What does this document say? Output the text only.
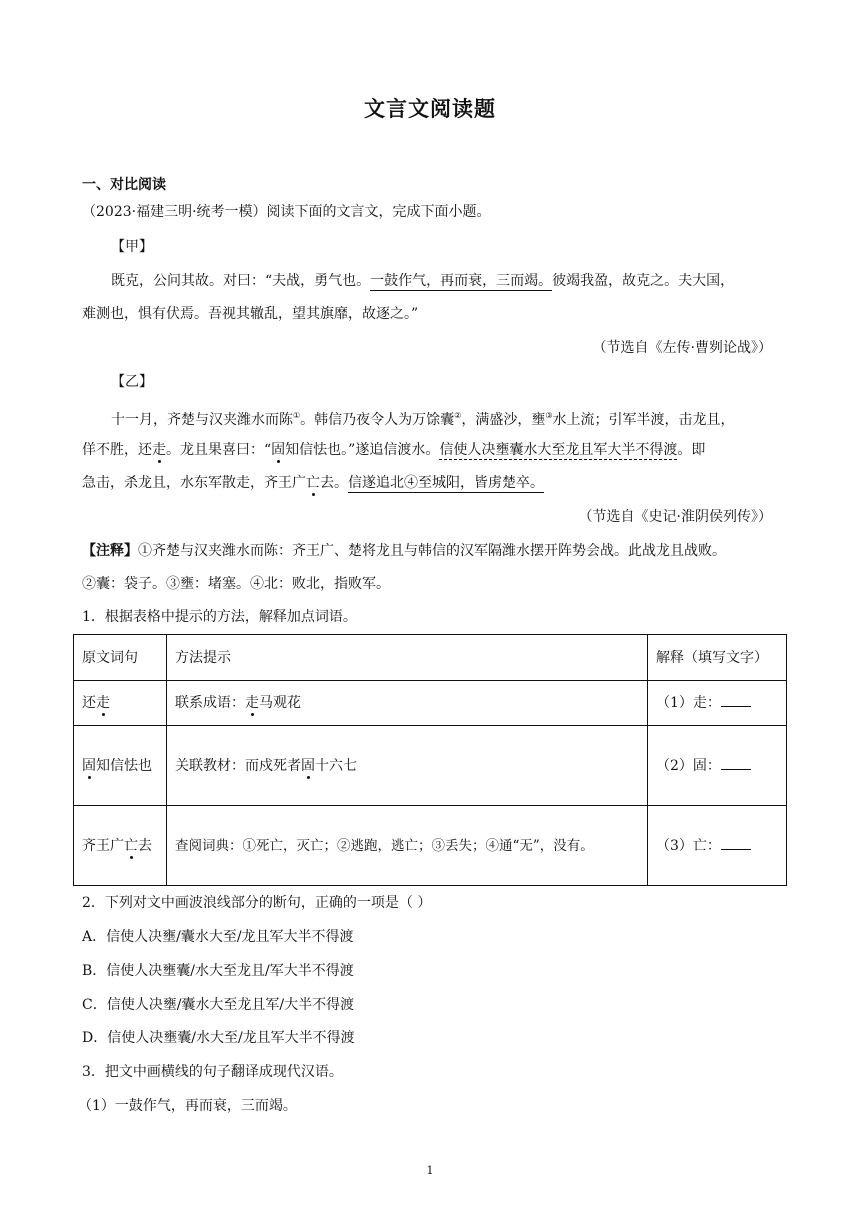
文言文阅读题
一、对比阅读
（2023·福建三明·统考一模）阅读下面的文言文，完成下面小题。
【甲】
既克，公问其故。对曰：“夫战，勇气也。一鼓作气，再而衰，三而竭。彼竭我盈，故克之。夫大国，
难测也，惧有伏焉。吾视其辙乱，望其旗靡，故逐之。”
（节选自《左传·曹刿论战》）
【乙】
十一月，齐楚与汉夹潍水而陈①。韩信乃夜令人为万馀囊②，满盛沙，壅③水上流；引军半渡，击龙且，
佯不胜，还走。龙且果喜曰：“固知信怯也。”遂追信渡水。信使人决壅囊水大至龙且军大半不得渡。即
急击，杀龙且，水东军散走，齐王广亡去。信遂追北④至城阳，皆虏楚卒。
（节选自《史记·淮阴侯列传》）
【注释】①齐楚与汉夹潍水而陈：齐王广、楚将龙且与韩信的汉军隔潍水摆开阵势会战。此战龙且战败。
②囊：袋子。③壅：堵塞。④北：败北，指败军。
1．根据表格中提示的方法，解释加点词语。
原文词句	方法提示	解释（填写文字）
还走	联系成语：走马观花	（1）走：
固知信怯也	关联教材：而戍死者固十六七	（2）固：
齐王广亡去	查阅词典：①死亡，灭亡；②逃跑，逃亡；③丢失；④通“无”，没有。	（3）亡：
2．下列对文中画波浪线部分的断句，正确的一项是（ ）
A．信使人决壅/囊水大至/龙且军大半不得渡
B．信使人决壅囊/水大至龙且/军大半不得渡
C．信使人决壅/囊水大至龙且军/大半不得渡
D．信使人决壅囊/水大至/龙且军大半不得渡
3．把文中画横线的句子翻译成现代汉语。
（1）一鼓作气，再而衰，三而竭。
1
